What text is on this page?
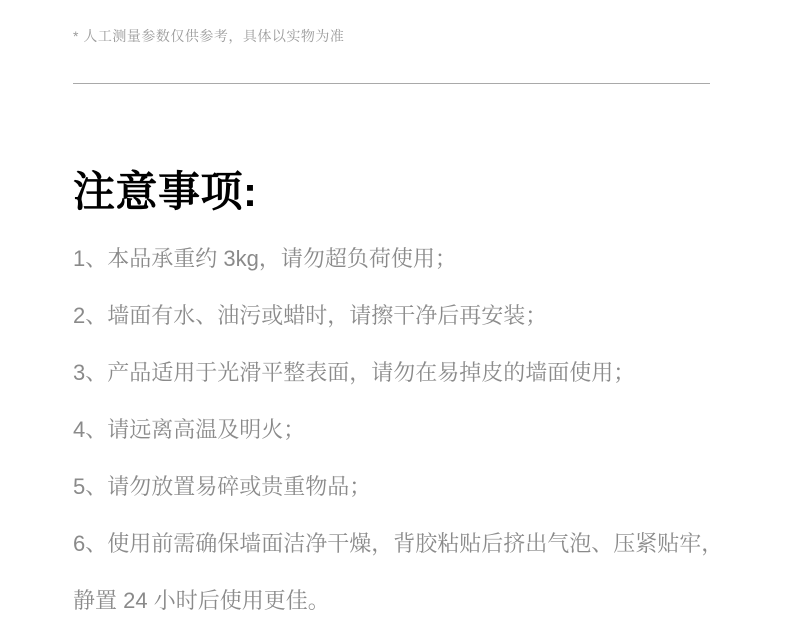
* 人工测量参数仅供参考，具体以实物为准
注意事项:
1、本品承重约 3kg，请勿超负荷使用；
2、墙面有水、油污或蜡时，请擦干净后再安装；
3、产品适用于光滑平整表面，请勿在易掉皮的墙面使用；
4、请远离高温及明火；
5、请勿放置易碎或贵重物品；
6、使用前需确保墙面洁净干燥，背胶粘贴后挤出气泡、压紧贴牢，
静置 24 小时后使用更佳。
